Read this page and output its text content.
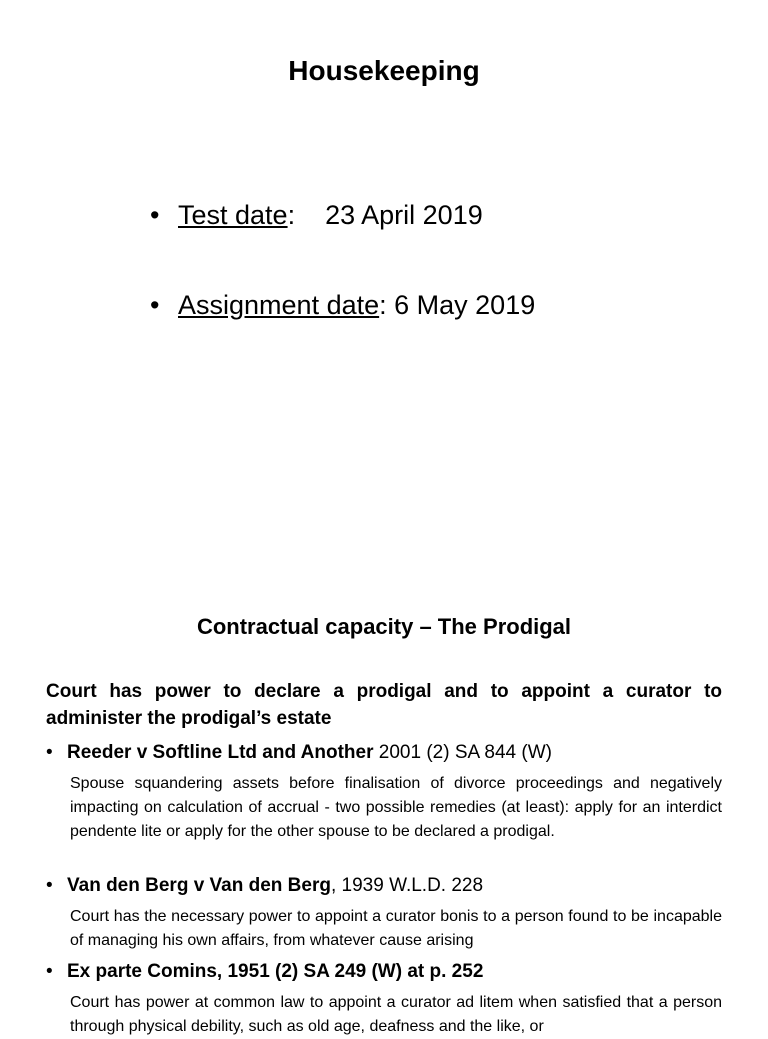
Housekeeping
• Test date:    23 April 2019
• Assignment date: 6 May 2019
Contractual capacity – The Prodigal
Court has power to declare a prodigal and to appoint a curator to administer the prodigal’s estate
• Reeder v Softline Ltd and Another 2001 (2) SA 844 (W)
Spouse squandering assets before finalisation of divorce proceedings and negatively impacting on calculation of accrual - two possible remedies (at least): apply for an interdict pendente lite or apply for the other spouse to be declared a prodigal.
• Van den Berg v Van den Berg, 1939 W.L.D. 228
Court has the necessary power to appoint a curator bonis to a person found to be incapable of managing his own affairs, from whatever cause arising
• Ex parte Comins, 1951 (2) SA 249 (W) at p. 252
Court has power at common law to appoint a curator ad litem when satisfied that a person through physical debility, such as old age, deafness and the like, or
